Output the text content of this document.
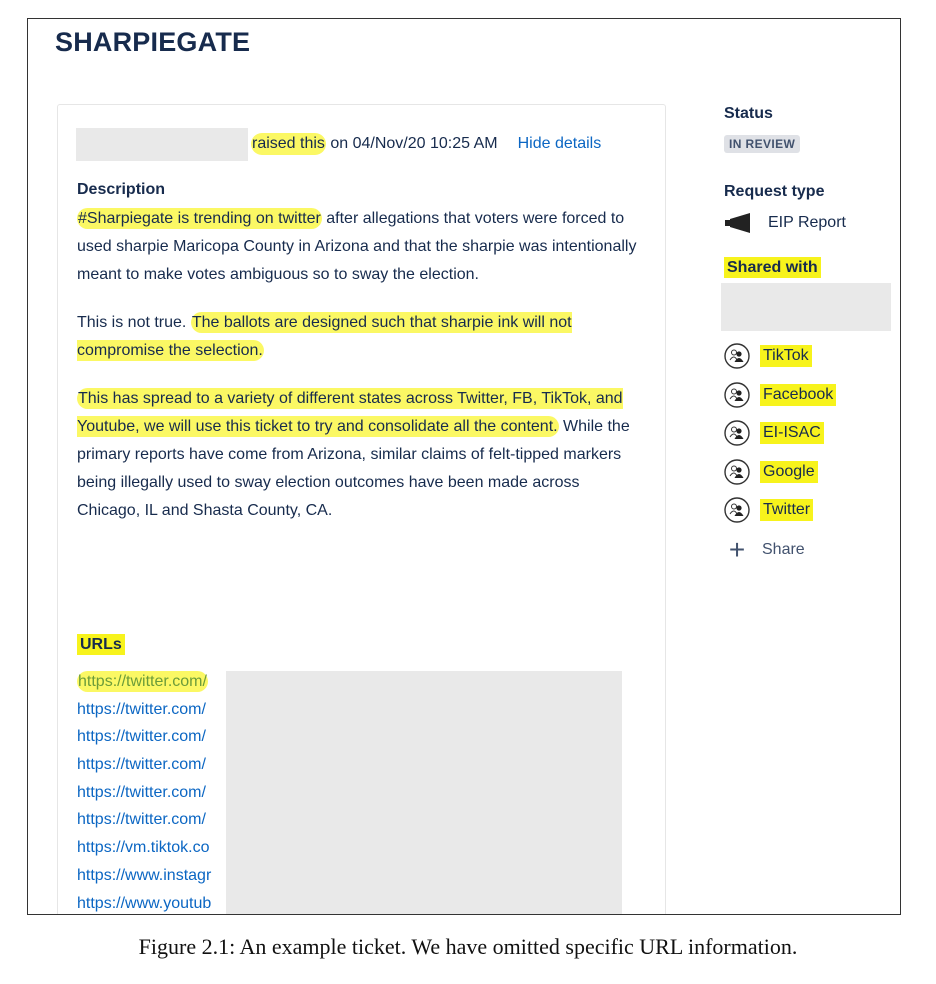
SHARPIEGATE
raised this on 04/Nov/20 10:25 AM Hide details
Description

#Sharpiegate is trending on twitter after allegations that voters were forced to used sharpie Maricopa County in Arizona and that the sharpie was intentionally meant to make votes ambiguous so to sway the election.

This is not true. The ballots are designed such that sharpie ink will not compromise the selection.

This has spread to a variety of different states across Twitter, FB, TikTok, and Youtube, we will use this ticket to try and consolidate all the content. While the primary reports have come from Arizona, similar claims of felt-tipped markers being illegally used to sway election outcomes have been made across Chicago, IL and Shasta County, CA.

URLs
https://twitter.com/
https://twitter.com/
https://twitter.com/
https://twitter.com/
https://twitter.com/
https://twitter.com/
https://vm.tiktok.co
https://www.instagr
https://www.youtub
Status
IN REVIEW
Request type
EIP Report
Shared with
TikTok
Facebook
EI-ISAC
Google
Twitter
+	Share
Figure 2.1: An example ticket. We have omitted specific URL information.
